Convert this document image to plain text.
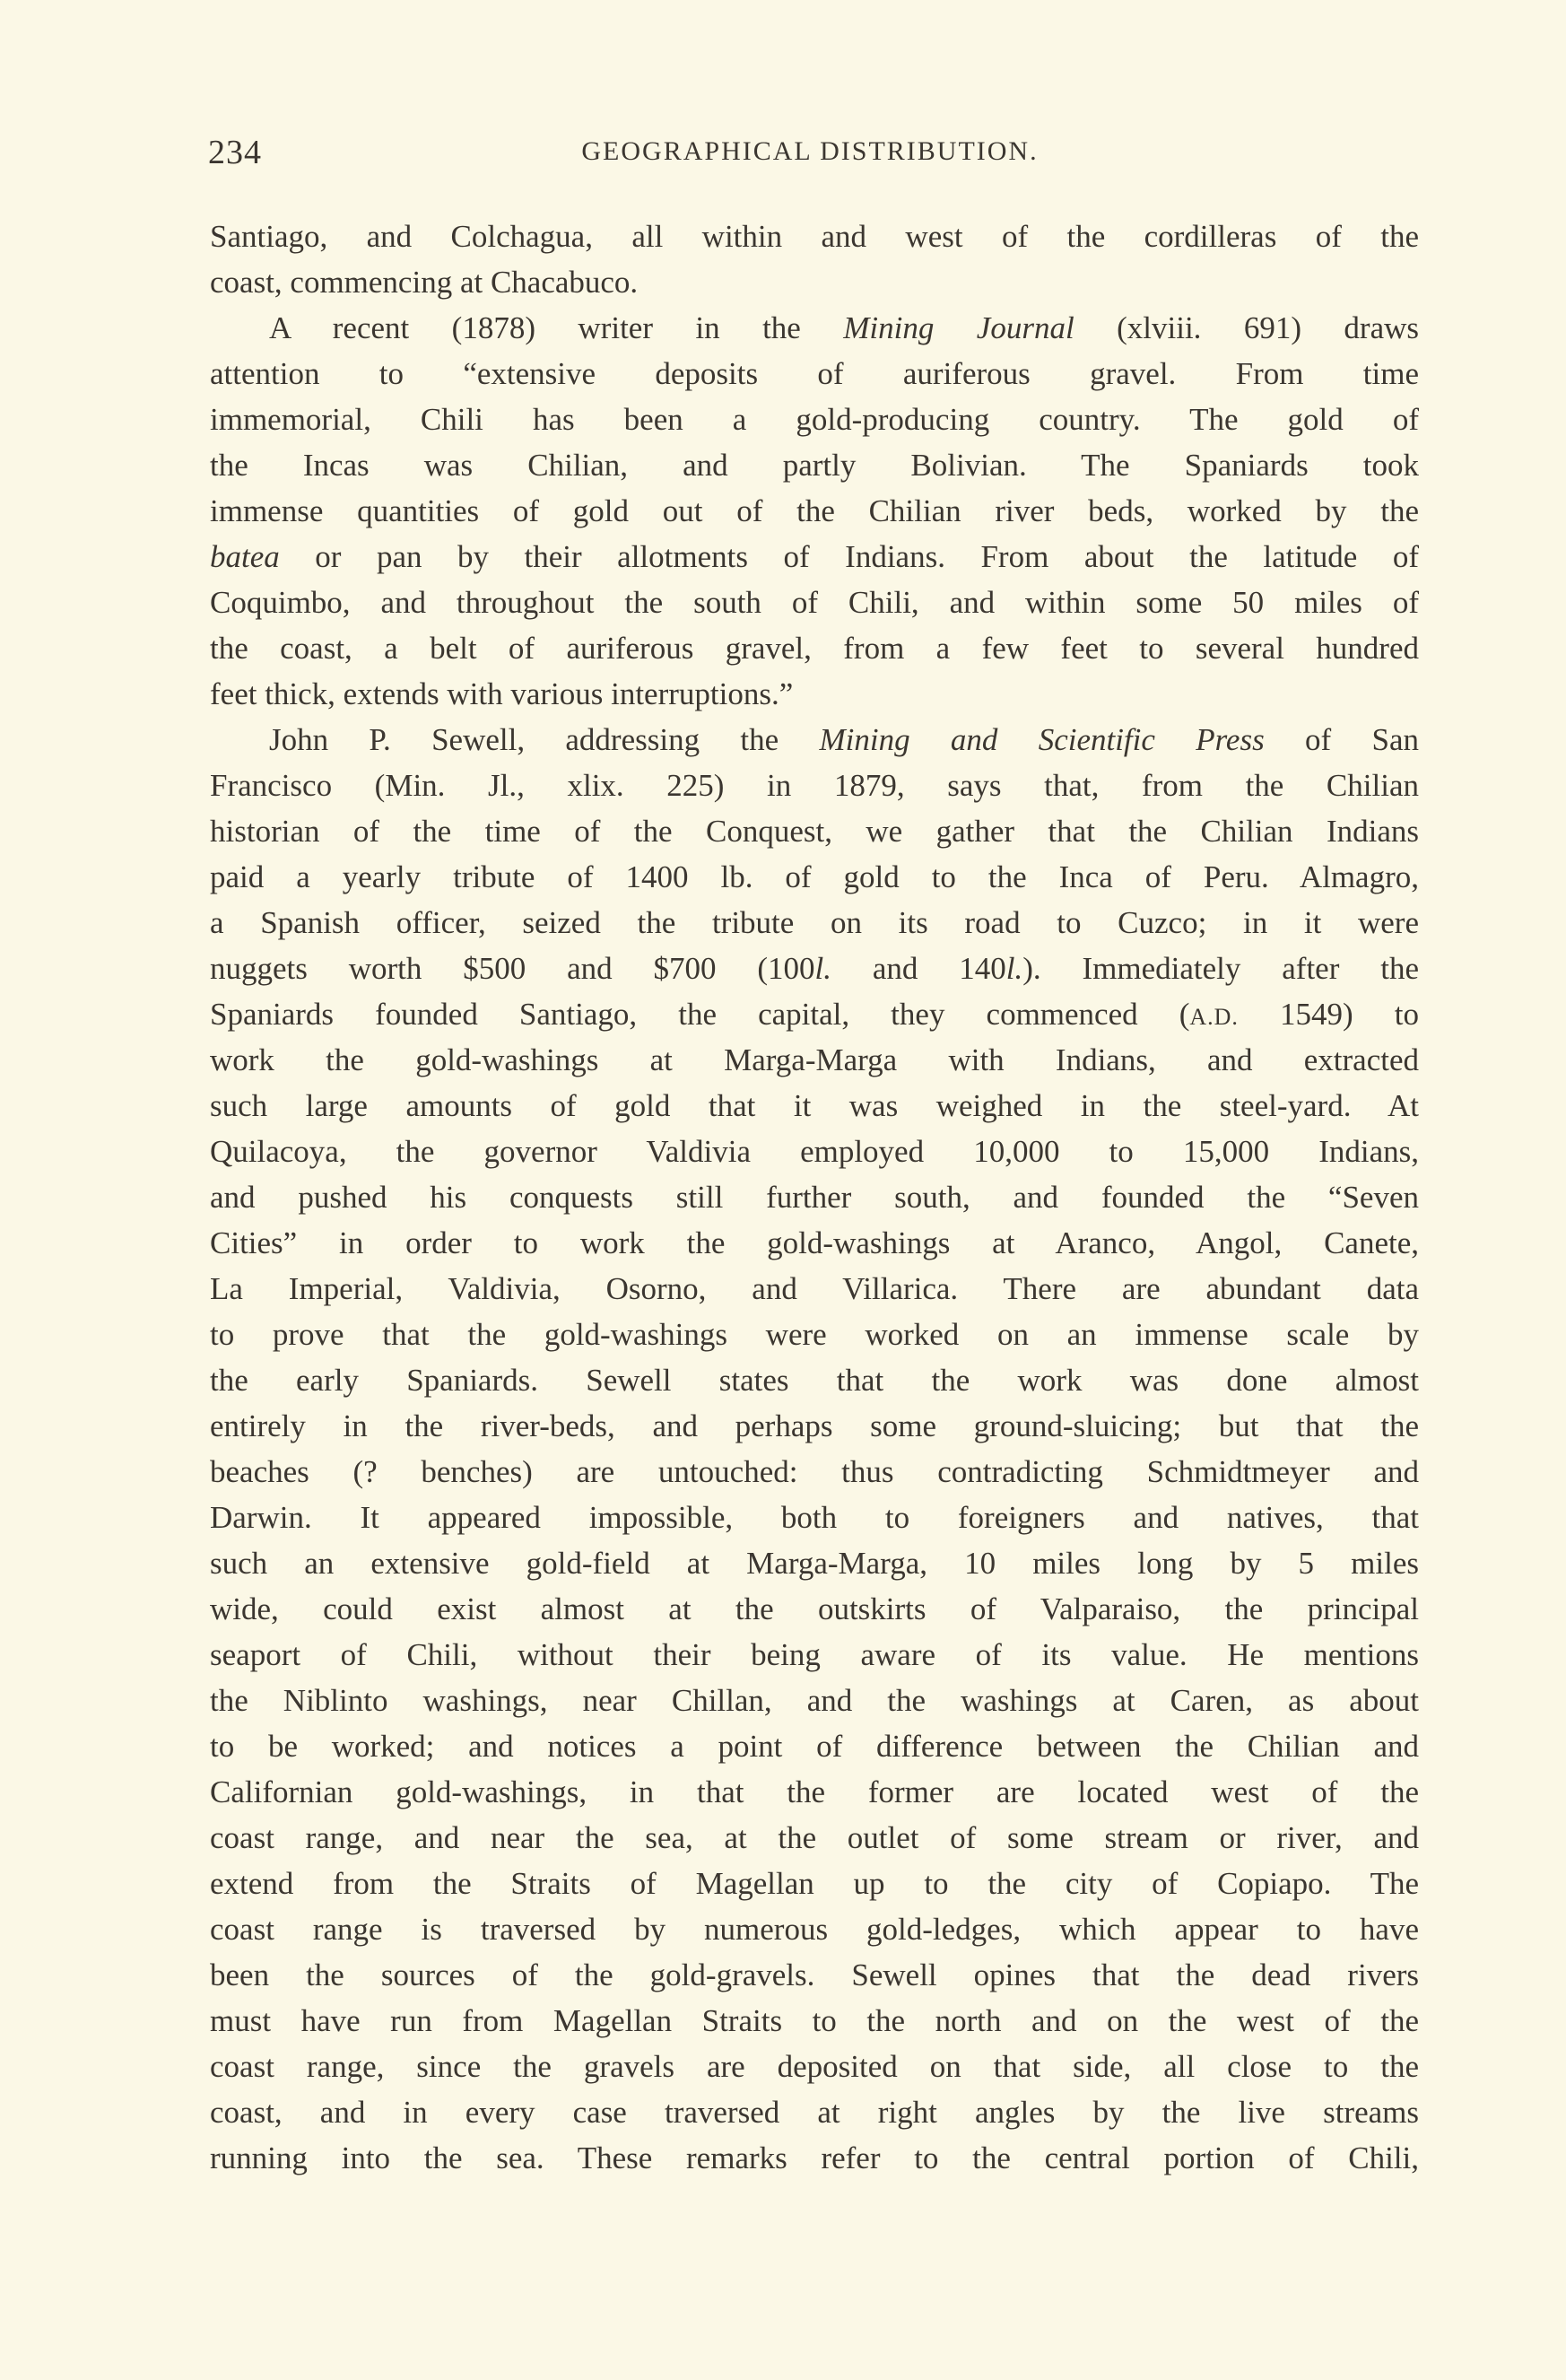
234	GEOGRAPHICAL DISTRIBUTION.
Santiago, and Colchagua, all within and west of the cordilleras of the
coast, commencing at Chacabuco.
A recent (1878) writer in the Mining Journal (xlviii. 691) draws
attention to “extensive deposits of auriferous gravel. From time
immemorial, Chili has been a gold-producing country. The gold of
the Incas was Chilian, and partly Bolivian. The Spaniards took
immense quantities of gold out of the Chilian river beds, worked by the
batea or pan by their allotments of Indians. From about the latitude of
Coquimbo, and throughout the south of Chili, and within some 50 miles of
the coast, a belt of auriferous gravel, from a few feet to several hundred
feet thick, extends with various interruptions.”
John P. Sewell, addressing the Mining and Scientific Press of San
Francisco (Min. Jl., xlix. 225) in 1879, says that, from the Chilian
historian of the time of the Conquest, we gather that the Chilian Indians
paid a yearly tribute of 1400 lb. of gold to the Inca of Peru. Almagro,
a Spanish officer, seized the tribute on its road to Cuzco; in it were
nuggets worth $500 and $700 (100l. and 140l.). Immediately after the
Spaniards founded Santiago, the capital, they commenced (A.D. 1549) to
work the gold-washings at Marga-Marga with Indians, and extracted
such large amounts of gold that it was weighed in the steel-yard. At
Quilacoya, the governor Valdivia employed 10,000 to 15,000 Indians,
and pushed his conquests still further south, and founded the “Seven
Cities” in order to work the gold-washings at Aranco, Angol, Canete,
La Imperial, Valdivia, Osorno, and Villarica. There are abundant data
to prove that the gold-washings were worked on an immense scale by
the early Spaniards. Sewell states that the work was done almost
entirely in the river-beds, and perhaps some ground-sluicing; but that the
beaches (? benches) are untouched: thus contradicting Schmidtmeyer and
Darwin. It appeared impossible, both to foreigners and natives, that
such an extensive gold-field at Marga-Marga, 10 miles long by 5 miles
wide, could exist almost at the outskirts of Valparaiso, the principal
seaport of Chili, without their being aware of its value. He mentions
the Niblinto washings, near Chillan, and the washings at Caren, as about
to be worked; and notices a point of difference between the Chilian and
Californian gold-washings, in that the former are located west of the
coast range, and near the sea, at the outlet of some stream or river, and
extend from the Straits of Magellan up to the city of Copiapo. The
coast range is traversed by numerous gold-ledges, which appear to have
been the sources of the gold-gravels. Sewell opines that the dead rivers
must have run from Magellan Straits to the north and on the west of the
coast range, since the gravels are deposited on that side, all close to the
coast, and in every case traversed at right angles by the live streams
running into the sea. These remarks refer to the central portion of Chili,
